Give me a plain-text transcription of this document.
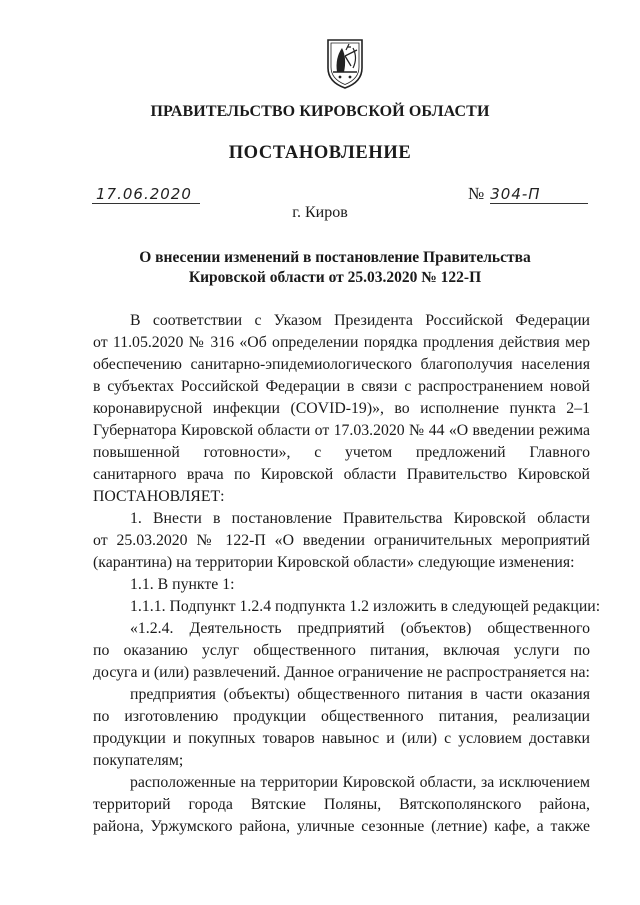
ПРАВИТЕЛЬСТВО КИРОВСКОЙ ОБЛАСТИ
ПОСТАНОВЛЕНИЕ
17.06.2020	№ 304-П
г. Киров
О внесении изменений в постановление Правительства
Кировской области от 25.03.2020 № 122-П
В соответствии с Указом Президента Российской Федерации
от 11.05.2020 № 316 «Об определении порядка продления действия мер
обеспечению санитарно-эпидемиологического благополучия населения
в субъектах Российской Федерации в связи с распространением новой
коронавирусной инфекции (COVID-19)», во исполнение пункта 2–1
Губернатора Кировской области от 17.03.2020 № 44 «О введении режима
повышенной готовности», с учетом предложений Главного
санитарного врача по Кировской области Правительство Кировской
ПОСТАНОВЛЯЕТ:
1. Внести в постановление Правительства Кировской области
от 25.03.2020 № 122-П «О введении ограничительных мероприятий
(карантина) на территории Кировской области» следующие изменения:
1.1. В пункте 1:
1.1.1. Подпункт 1.2.4 подпункта 1.2 изложить в следующей редакции:
«1.2.4. Деятельность предприятий (объектов) общественного
по оказанию услуг общественного питания, включая услуги по
досуга и (или) развлечений. Данное ограничение не распространяется на:
предприятия (объекты) общественного питания в части оказания
по изготовлению продукции общественного питания, реализации
продукции и покупных товаров навынос и (или) с условием доставки
покупателям;
расположенные на территории Кировской области, за исключением
территорий города Вятские Поляны, Вятскополянского района,
района, Уржумского района, уличные сезонные (летние) кафе, а также
